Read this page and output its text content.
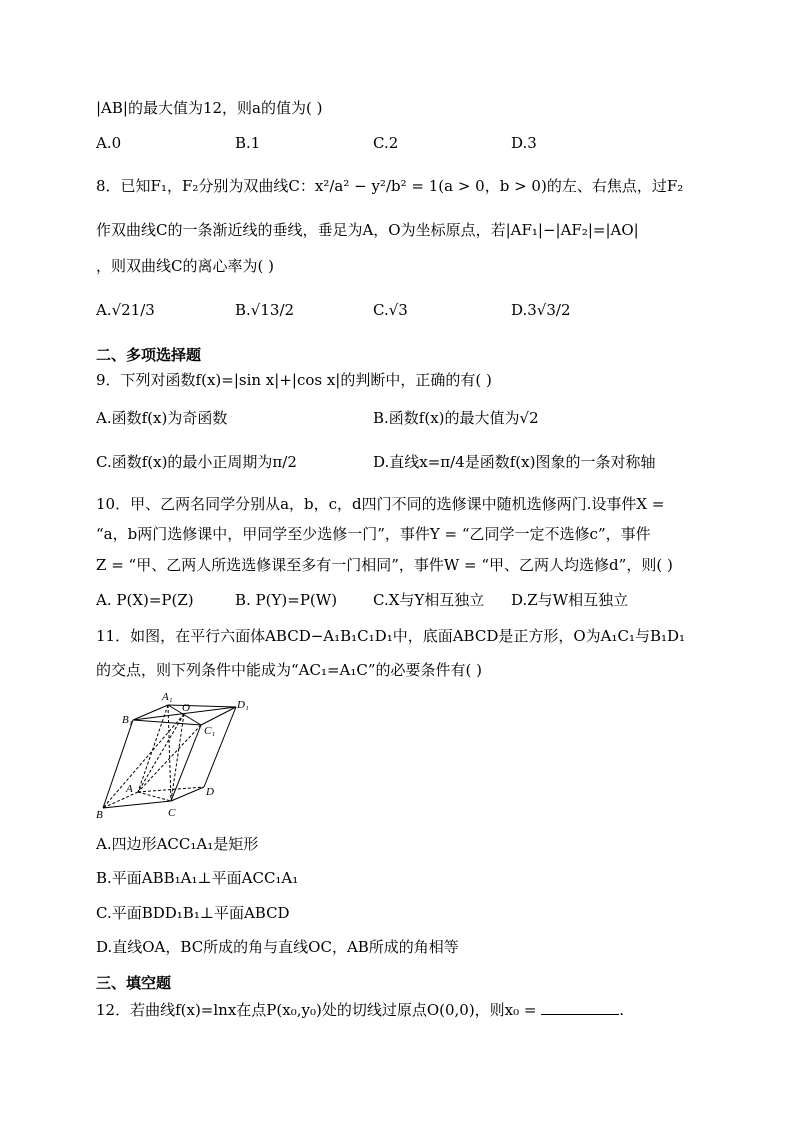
|AB|的最大值为12，则a的值为( )
A.0	B.1	C.2	D.3
8．已知F₁，F₂分别为双曲线C：x²/a² − y²/b² = 1(a > 0，b > 0)的左、右焦点，过F₂
作双曲线C的一条渐近线的垂线，垂足为A，O为坐标原点，若|AF₁|−|AF₂|=|AO|
，则双曲线C的离心率为( )
A.√21/3	B.√13/2	C.√3	D.3√3/2
二、多项选择题
9．下列对函数f(x)=|sin x|+|cos x|的判断中，正确的有( )
A.函数f(x)为奇函数	B.函数f(x)的最大值为√2
C.函数f(x)的最小正周期为π/2	D.直线x=π/4是函数f(x)图象的一条对称轴
10．甲、乙两名同学分别从a，b，c，d四门不同的选修课中随机选修两门.设事件X =
“a，b两门选修课中，甲同学至少选修一门”，事件Y = “乙同学一定不选修c”，事件
Z = “甲、乙两人所选选修课至多有一门相同”，事件W = “甲、乙两人均选修d”，则( )
A. P(X)=P(Z)	B. P(Y)=P(W) C.X与Y相互独立 D.Z与W相互独立
11．如图，在平行六面体ABCD−A₁B₁C₁D₁中，底面ABCD是正方形，O为A₁C₁与B₁D₁
的交点，则下列条件中能成为“AC₁=A₁C”的必要条件有( )
A₁
B₁
O	D₁
C₁
A
B	C
D
A.四边形ACC₁A₁是矩形
B.平面ABB₁A₁⊥平面ACC₁A₁
C.平面BDD₁B₁⊥平面ABCD
D.直线OA，BC所成的角与直线OC，AB所成的角相等
三、填空题
12．若曲线f(x)=lnx在点P(x₀,y₀)处的切线过原点O(0,0)，则x₀ =	.
